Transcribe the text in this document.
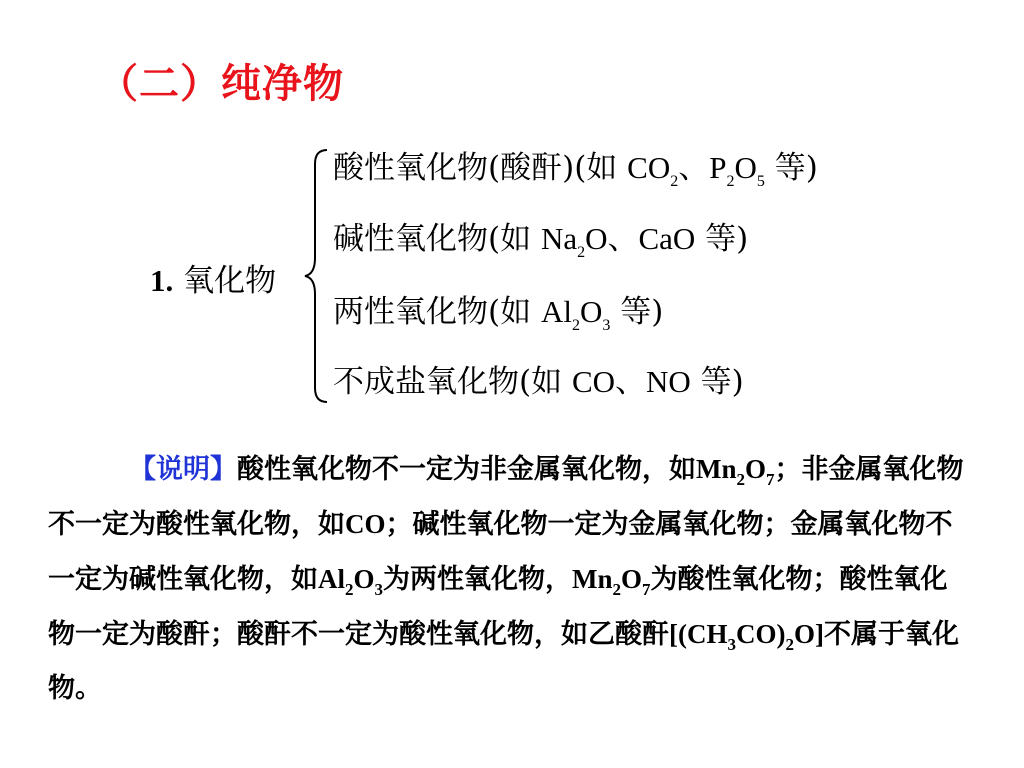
（二）纯净物
1. 氧化物
酸性氧化物(酸酐)(如 $CO_2$、$P_2O_5$ 等)
碱性氧化物(如 $Na_2O$、CaO 等)
两性氧化物(如 $Al_2O_3$ 等)
不成盐氧化物(如 CO、NO 等)

【说明】酸性氧化物不一定为非金属氧化物，如$Mn_2O_7$；非金属氧化物不一定为酸性氧化物，如CO；碱性氧化物一定为金属氧化物；金属氧化物不一定为碱性氧化物，如$Al_2O_3$为两性氧化物，$Mn_2O_7$为酸性氧化物；酸性氧化物一定为酸酐；酸酐不一定为酸性氧化物，如乙酸酐$[(CH_3CO)_2O]$不属于氧化物。
